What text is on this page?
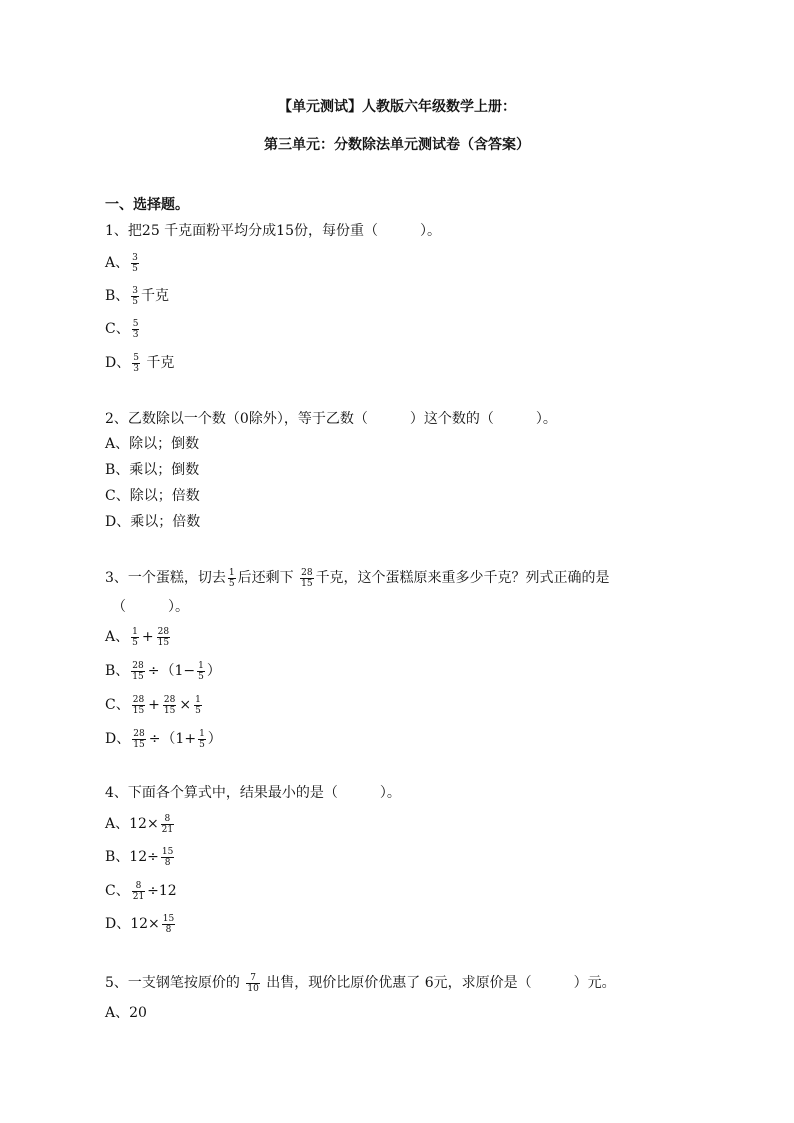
【单元测试】人教版六年级数学上册：
第三单元：分数除法单元测试卷（含答案）
一、选择题。
1、把25 千克面粉平均分成15份，每份重（　　　）。
A、 $\frac{3}{5}$
B、 $\frac{3}{5}$ 千克
C、 $\frac{5}{3}$
D、 $\frac{5}{3}$ 千克
2、乙数除以一个数（0除外），等于乙数（　　　）这个数的（　　　）。
A、除以；倒数
B、乘以；倒数
C、除以；倍数
D、乘以；倍数
3、一个蛋糕，切去 $\frac{1}{5}$ 后还剩下 $\frac{28}{15}$ 千克，这个蛋糕原来重多少千克？列式正确的是
（　　　）。
A、 $\frac{1}{5} + \frac{28}{15}$
B、 $\frac{28}{15} \div(1- \frac{1}{5}$ ）
C、 $\frac{28}{15} + \frac{28}{15} \times \frac{1}{5}$
D、 $\frac{28}{15} \div(1+ \frac{1}{5}$ ）
4、下面各个算式中，结果最小的是（　　　）。
A、$12\times \frac{8}{21}$
B、$12\div \frac{15}{8}$
C、 $\frac{8}{21} \div 12$
D、$12\times \frac{15}{8}$
5、一支钢笔按原价的 $\frac{7}{10}$ 出售，现价比原价优惠了 6元，求原价是（　　　）元。
A、20
